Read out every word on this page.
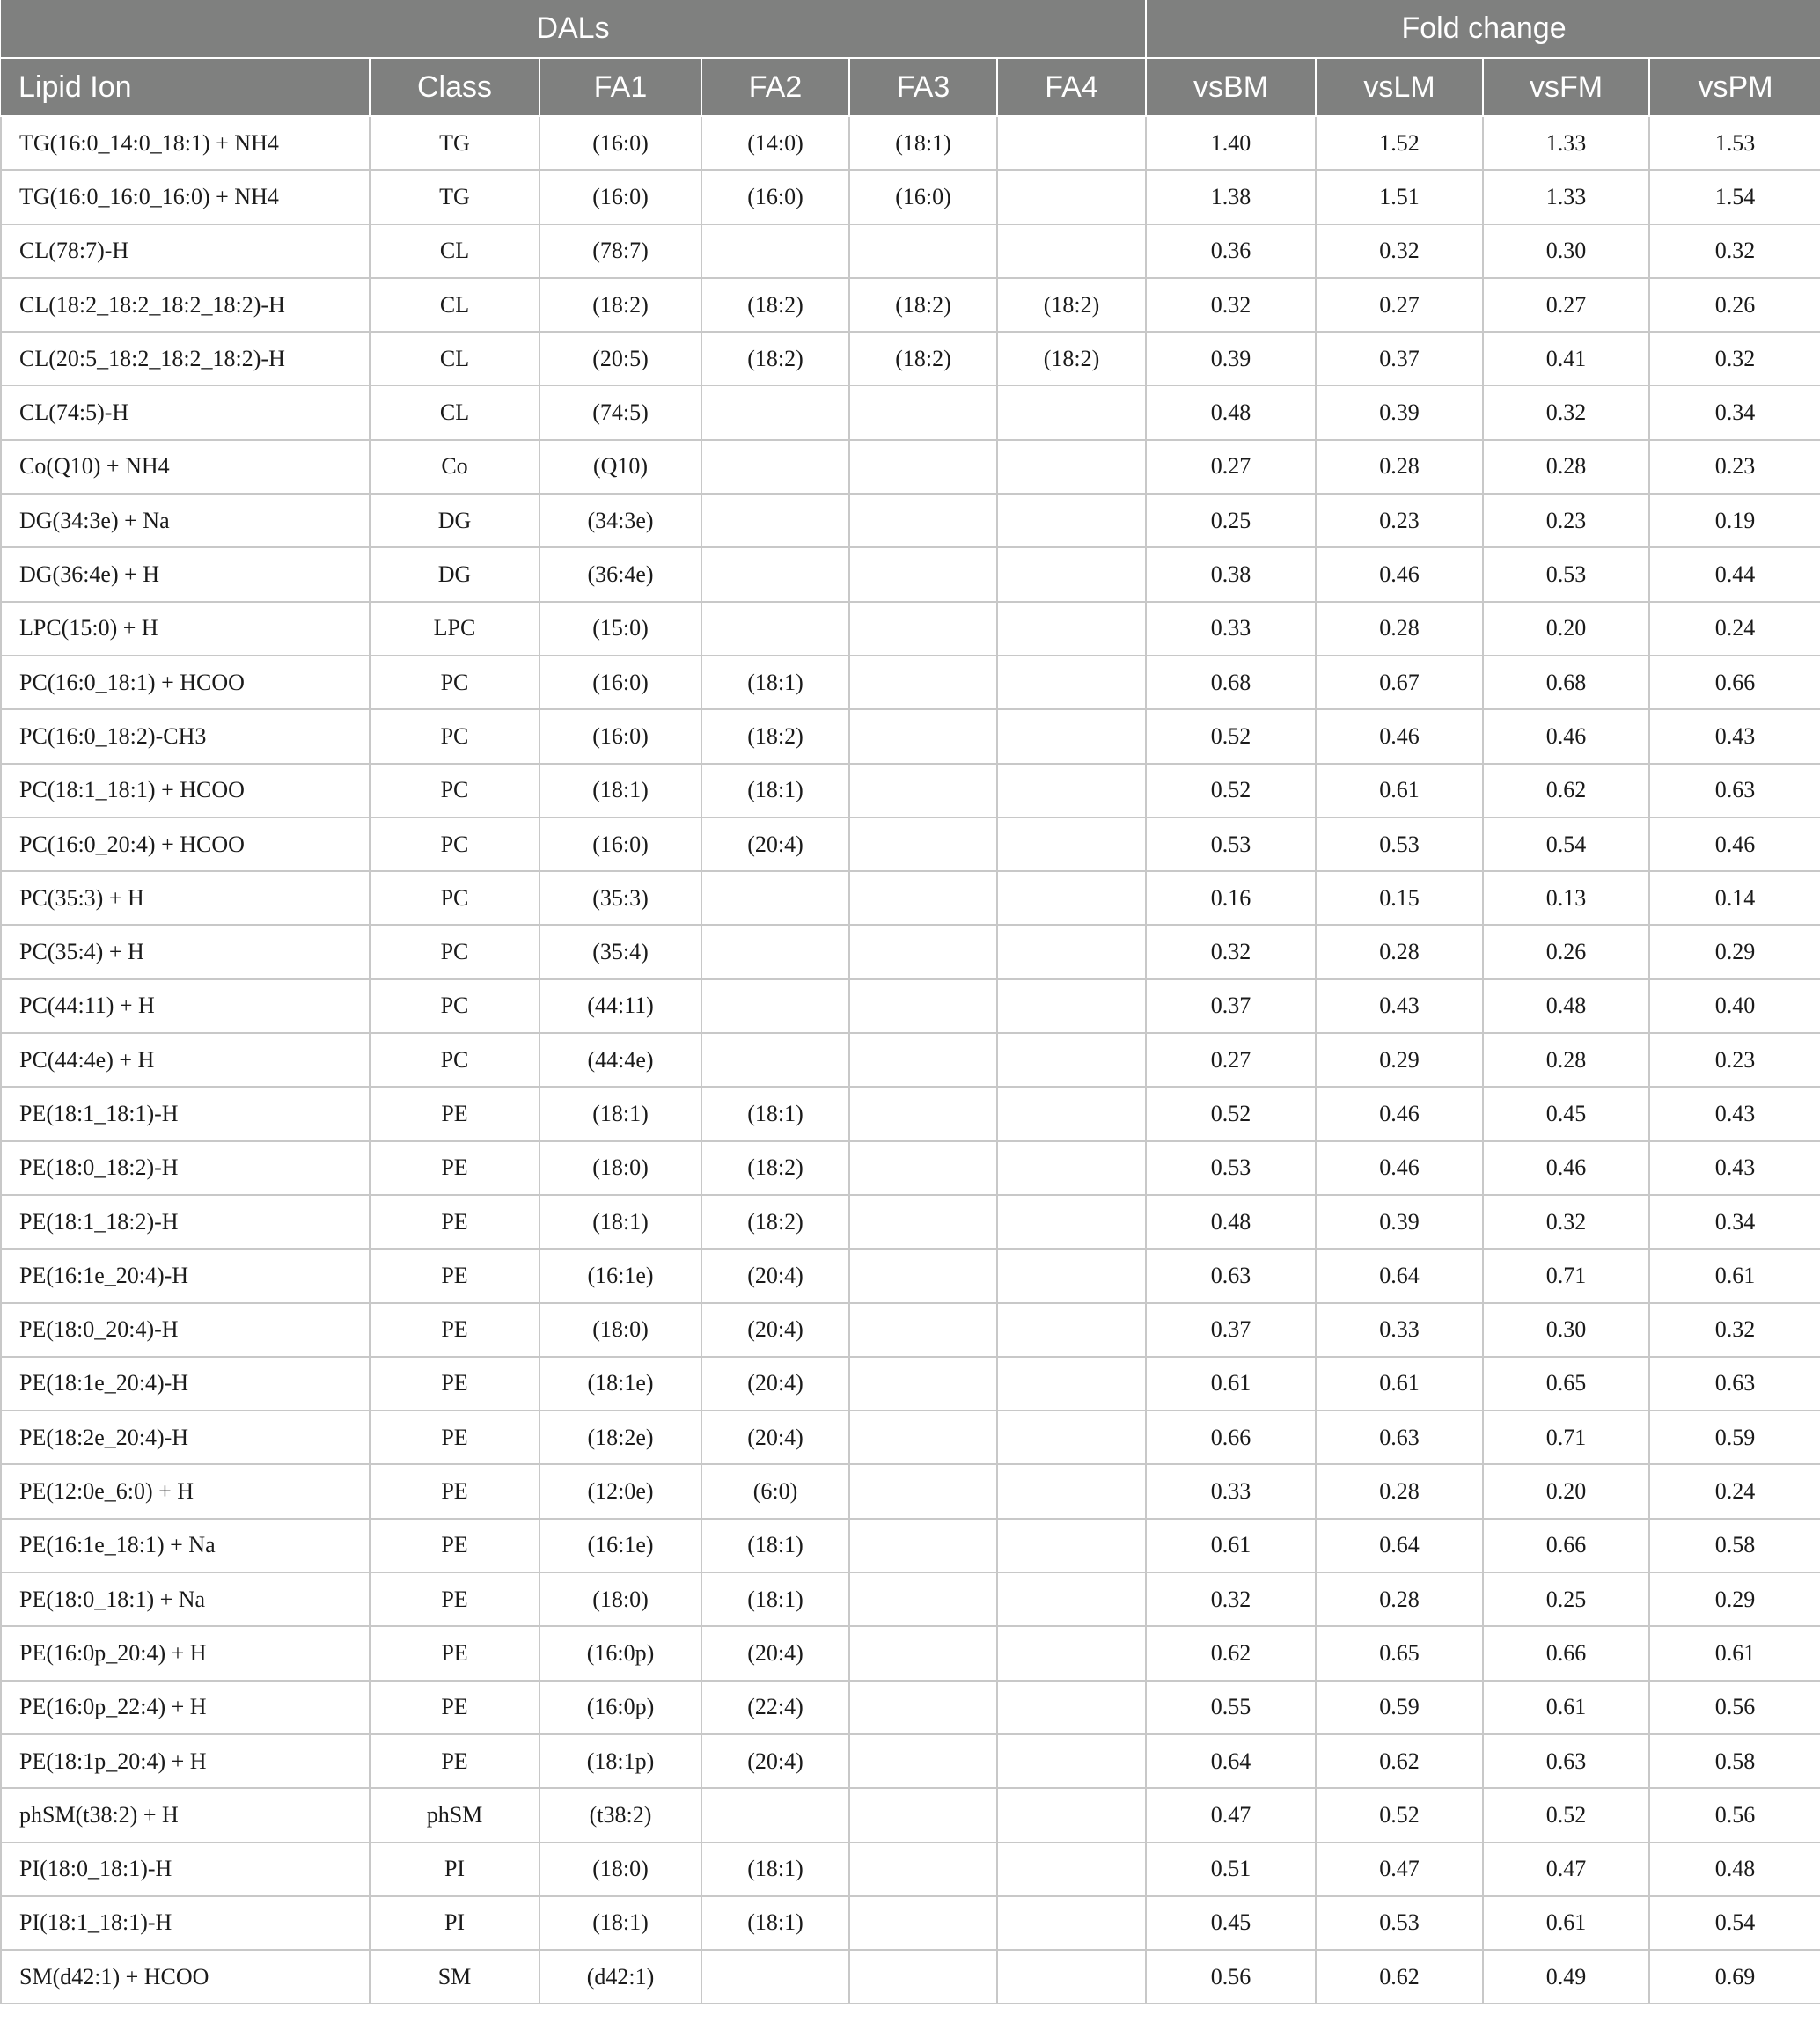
DALs						Fold change			
Lipid Ion	Class	FA1	FA2	FA3	FA4	vsBM	vsLM	vsFM	vsPM
TG(16:0_14:0_18:1) + NH4	TG	(16:0)	(14:0)	(18:1)		1.40	1.52	1.33	1.53
TG(16:0_16:0_16:0) + NH4	TG	(16:0)	(16:0)	(16:0)		1.38	1.51	1.33	1.54
CL(78:7)-H	CL	(78:7)				0.36	0.32	0.30	0.32
CL(18:2_18:2_18:2_18:2)-H	CL	(18:2)	(18:2)	(18:2)	(18:2)	0.32	0.27	0.27	0.26
CL(20:5_18:2_18:2_18:2)-H	CL	(20:5)	(18:2)	(18:2)	(18:2)	0.39	0.37	0.41	0.32
CL(74:5)-H	CL	(74:5)				0.48	0.39	0.32	0.34
Co(Q10) + NH4	Co	(Q10)				0.27	0.28	0.28	0.23
DG(34:3e) + Na	DG	(34:3e)				0.25	0.23	0.23	0.19
DG(36:4e) + H	DG	(36:4e)				0.38	0.46	0.53	0.44
LPC(15:0) + H	LPC	(15:0)				0.33	0.28	0.20	0.24
PC(16:0_18:1) + HCOO	PC	(16:0)	(18:1)			0.68	0.67	0.68	0.66
PC(16:0_18:2)-CH3	PC	(16:0)	(18:2)			0.52	0.46	0.46	0.43
PC(18:1_18:1) + HCOO	PC	(18:1)	(18:1)			0.52	0.61	0.62	0.63
PC(16:0_20:4) + HCOO	PC	(16:0)	(20:4)			0.53	0.53	0.54	0.46
PC(35:3) + H	PC	(35:3)				0.16	0.15	0.13	0.14
PC(35:4) + H	PC	(35:4)				0.32	0.28	0.26	0.29
PC(44:11) + H	PC	(44:11)				0.37	0.43	0.48	0.40
PC(44:4e) + H	PC	(44:4e)				0.27	0.29	0.28	0.23
PE(18:1_18:1)-H	PE	(18:1)	(18:1)			0.52	0.46	0.45	0.43
PE(18:0_18:2)-H	PE	(18:0)	(18:2)			0.53	0.46	0.46	0.43
PE(18:1_18:2)-H	PE	(18:1)	(18:2)			0.48	0.39	0.32	0.34
PE(16:1e_20:4)-H	PE	(16:1e)	(20:4)			0.63	0.64	0.71	0.61
PE(18:0_20:4)-H	PE	(18:0)	(20:4)			0.37	0.33	0.30	0.32
PE(18:1e_20:4)-H	PE	(18:1e)	(20:4)			0.61	0.61	0.65	0.63
PE(18:2e_20:4)-H	PE	(18:2e)	(20:4)			0.66	0.63	0.71	0.59
PE(12:0e_6:0) + H	PE	(12:0e)	(6:0)			0.33	0.28	0.20	0.24
PE(16:1e_18:1) + Na	PE	(16:1e)	(18:1)			0.61	0.64	0.66	0.58
PE(18:0_18:1) + Na	PE	(18:0)	(18:1)			0.32	0.28	0.25	0.29
PE(16:0p_20:4) + H	PE	(16:0p)	(20:4)			0.62	0.65	0.66	0.61
PE(16:0p_22:4) + H	PE	(16:0p)	(22:4)			0.55	0.59	0.61	0.56
PE(18:1p_20:4) + H	PE	(18:1p)	(20:4)			0.64	0.62	0.63	0.58
phSM(t38:2) + H	phSM	(t38:2)				0.47	0.52	0.52	0.56
PI(18:0_18:1)-H	PI	(18:0)	(18:1)			0.51	0.47	0.47	0.48
PI(18:1_18:1)-H	PI	(18:1)	(18:1)			0.45	0.53	0.61	0.54
SM(d42:1) + HCOO	SM	(d42:1)				0.56	0.62	0.49	0.69
